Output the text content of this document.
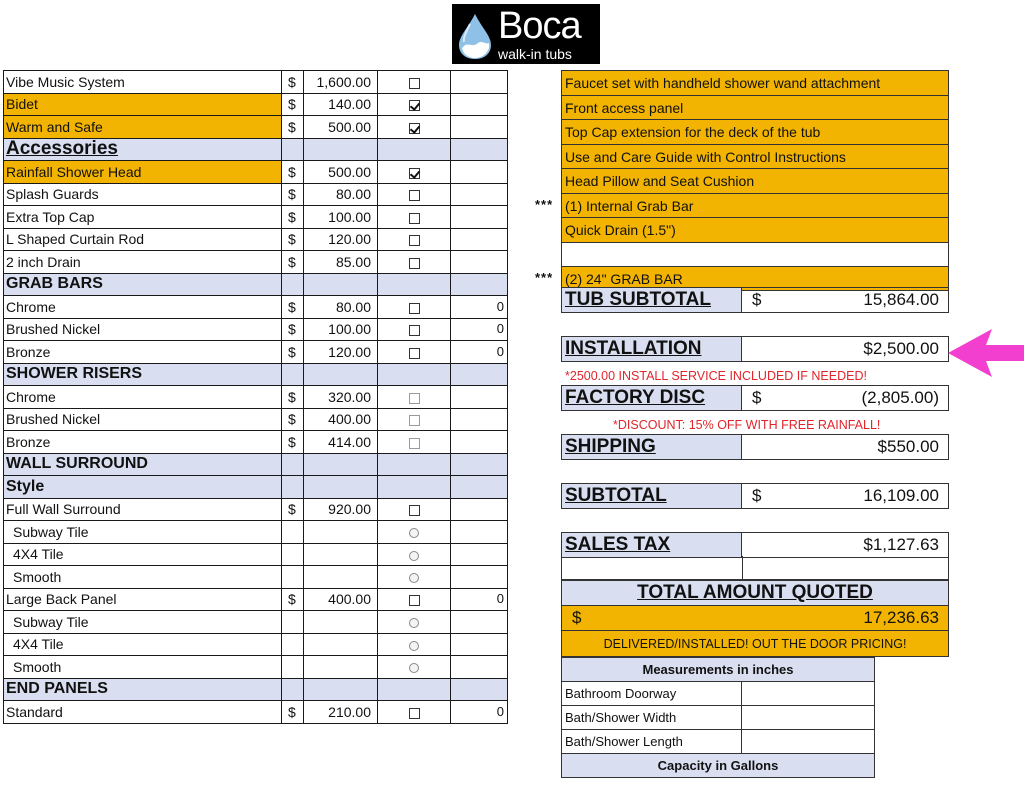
Boca
walk-in tubs
Vibe Music System	$	1,600.00		
Bidet	$	140.00		
Warm and Safe	$	500.00		
Accessories				
Rainfall Shower Head	$	500.00		
Splash Guards	$	80.00		
Extra Top Cap	$	100.00		
L Shaped Curtain Rod	$	120.00		
2 inch Drain	$	85.00		
GRAB BARS				
Chrome	$	80.00		0
Brushed Nickel	$	100.00		0
Bronze	$	120.00		0
SHOWER RISERS				
Chrome	$	320.00		
Brushed Nickel	$	400.00		
Bronze	$	414.00		
WALL SURROUND				
Style				
Full Wall Surround	$	920.00		
Subway Tile				
4X4 Tile				
Smooth				
Large Back Panel	$	400.00		0
Subway Tile				
4X4 Tile				
Smooth				
END PANELS				
Standard	$	210.00		0
Faucet set with handheld shower wand attachment
Front access panel
Top Cap extension for the deck of the tub
Use and Care Guide with Control Instructions
Head Pillow and Seat Cushion
(1) Internal Grab Bar
Quick Drain (1.5")
(2) 24" GRAB BAR
***
***
TUB SUBTOTAL	$	15,864.00
INSTALLATION	$2,500.00
*2500.00 INSTALL SERVICE INCLUDED IF NEEDED!
FACTORY DISC	$	(2,805.00)
*DISCOUNT: 15% OFF WITH FREE RAINFALL!
SHIPPING	$550.00
SUBTOTAL	$	16,109.00
SALES TAX	$1,127.63
TOTAL AMOUNT QUOTED
$	17,236.63
DELIVERED/INSTALLED! OUT THE DOOR PRICING!
Measurements in inches	
Bathroom Doorway	
Bath/Shower Width	
Bath/Shower Length	
Capacity in Gallons	
